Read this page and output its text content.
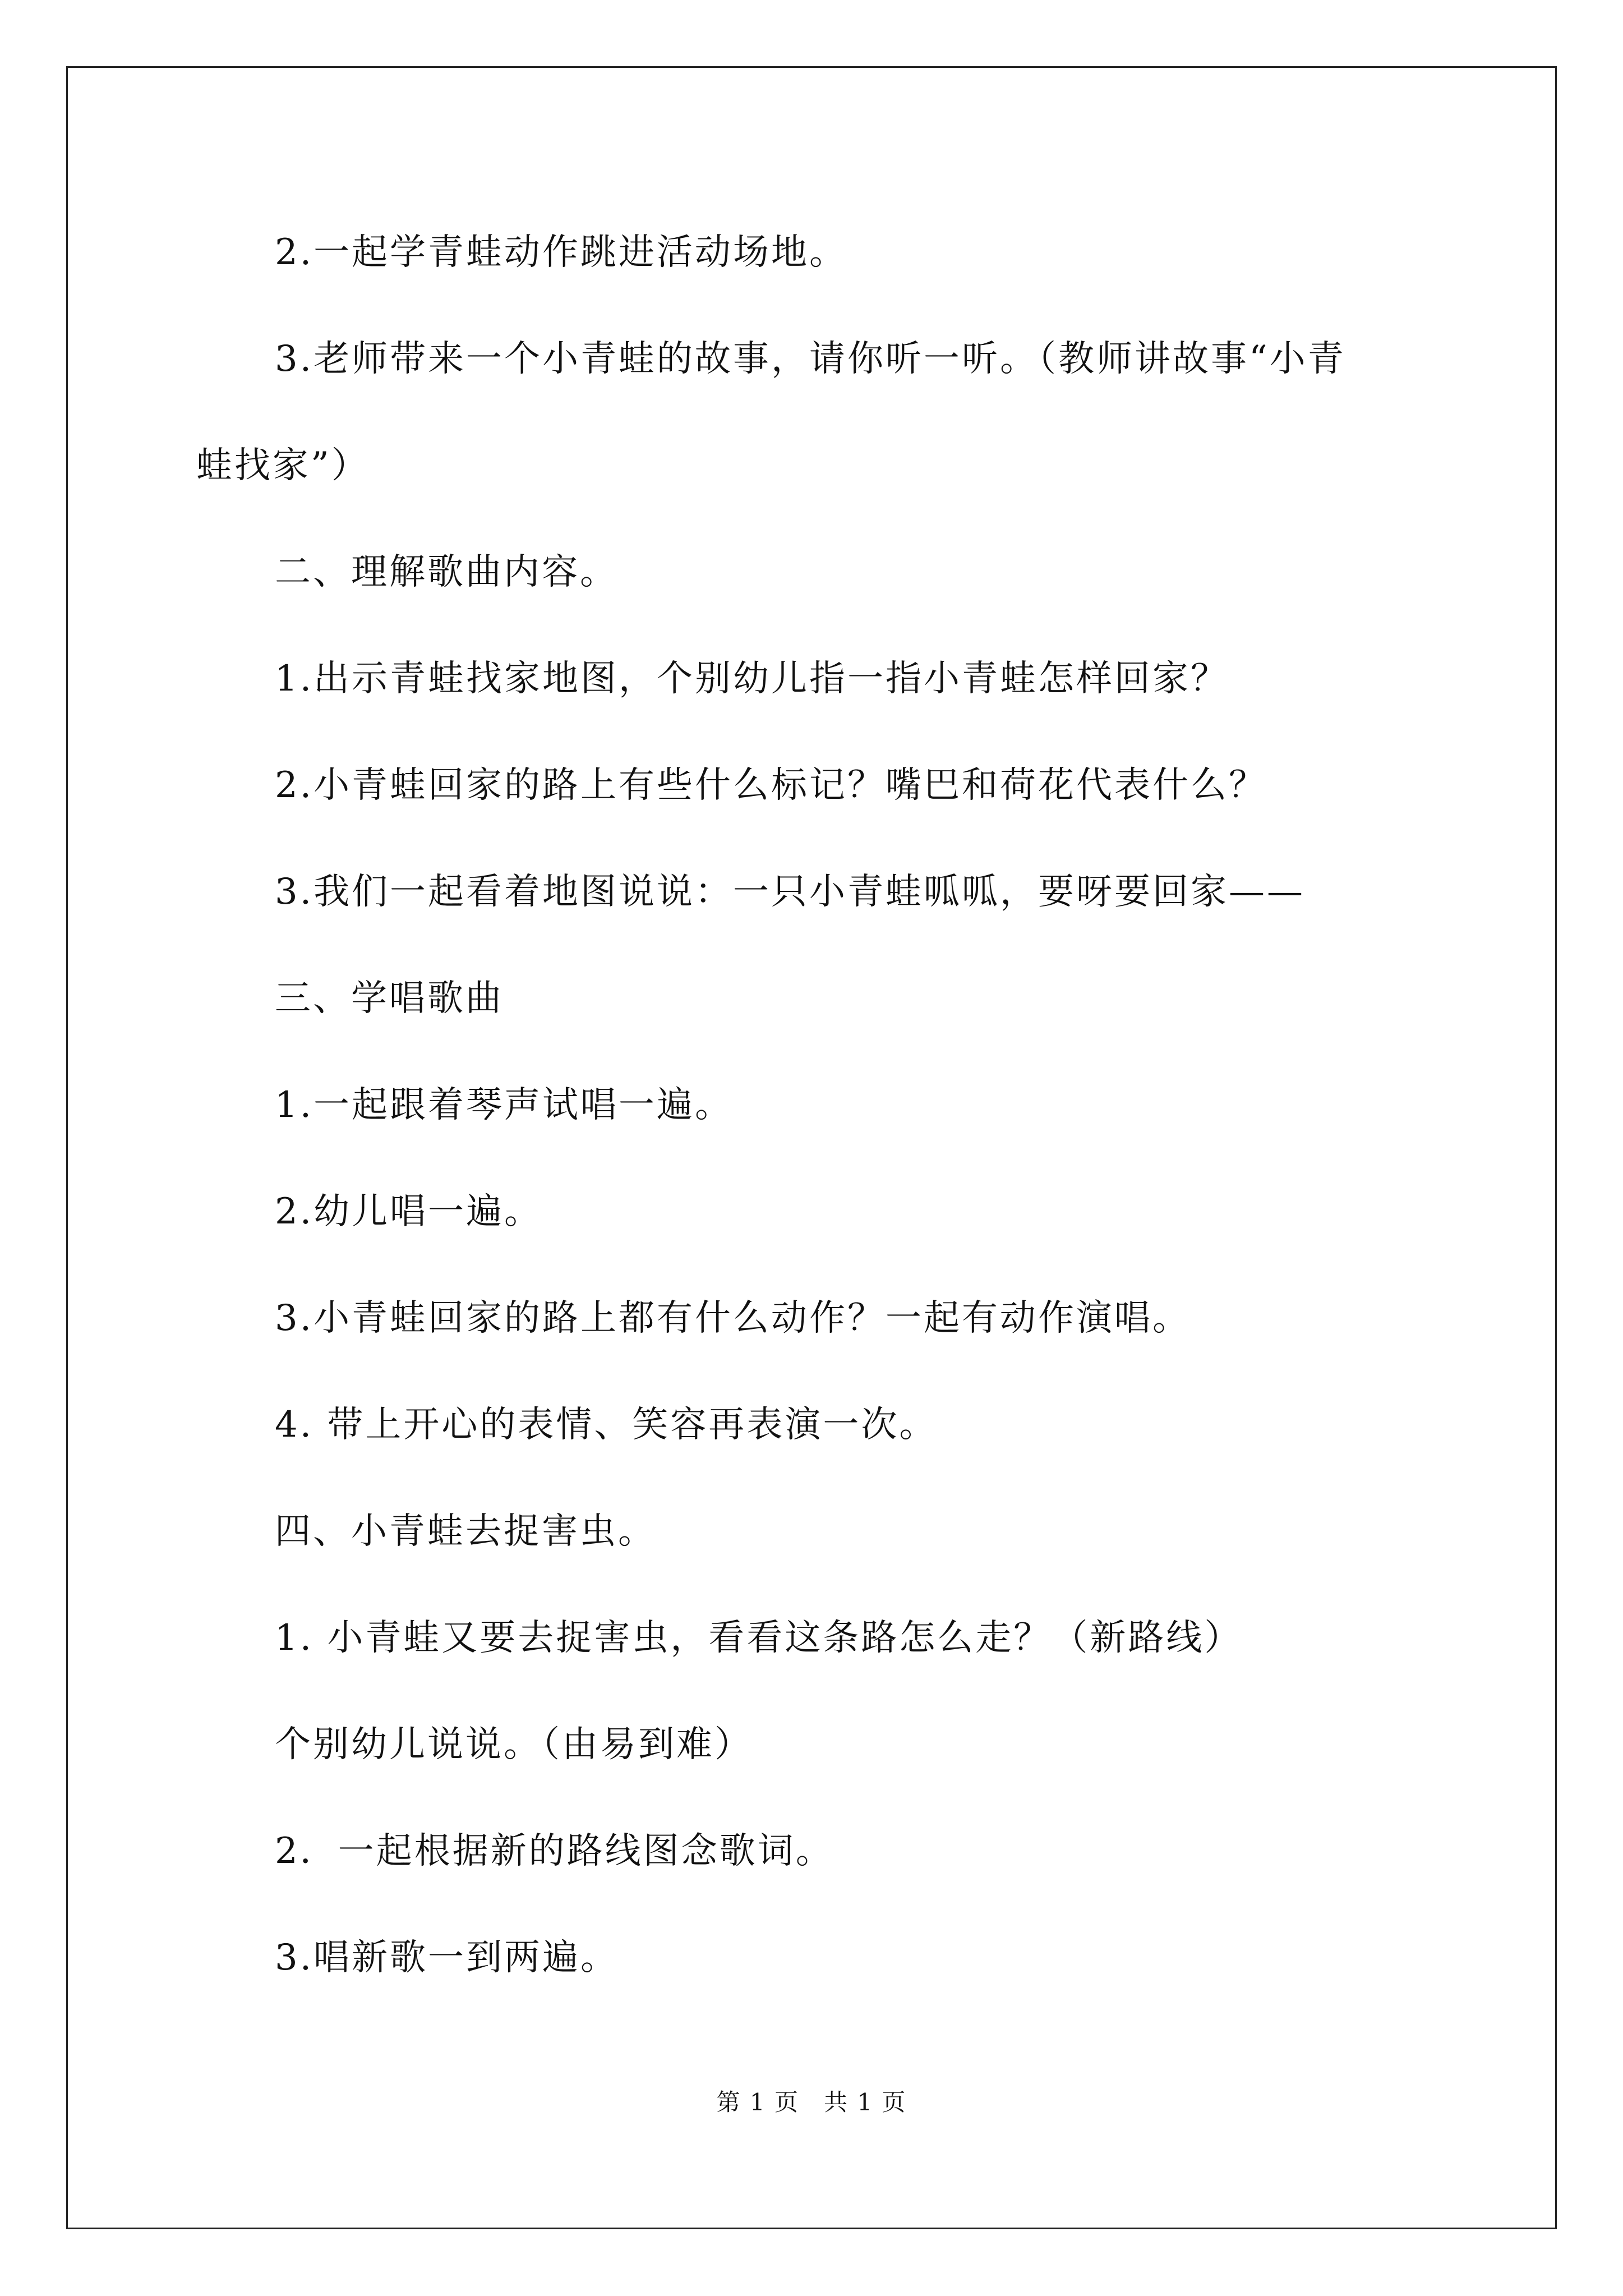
2.一起学青蛙动作跳进活动场地。
3.老师带来一个小青蛙的故事，请你听一听。（教师讲故事“小青
蛙找家”）
二、理解歌曲内容。
1.出示青蛙找家地图，个别幼儿指一指小青蛙怎样回家？
2.小青蛙回家的路上有些什么标记？嘴巴和荷花代表什么？
3.我们一起看着地图说说：一只小青蛙呱呱，要呀要回家——
三、学唱歌曲
1.一起跟着琴声试唱一遍。
2.幼儿唱一遍。
3.小青蛙回家的路上都有什么动作？一起有动作演唱。
4. 带上开心的表情、笑容再表演一次。
四、小青蛙去捉害虫。
1. 小青蛙又要去捉害虫，看看这条路怎么走？（新路线）
个别幼儿说说。（由易到难）
2．一起根据新的路线图念歌词。
3.唱新歌一到两遍。
第 1 页　共 1 页
